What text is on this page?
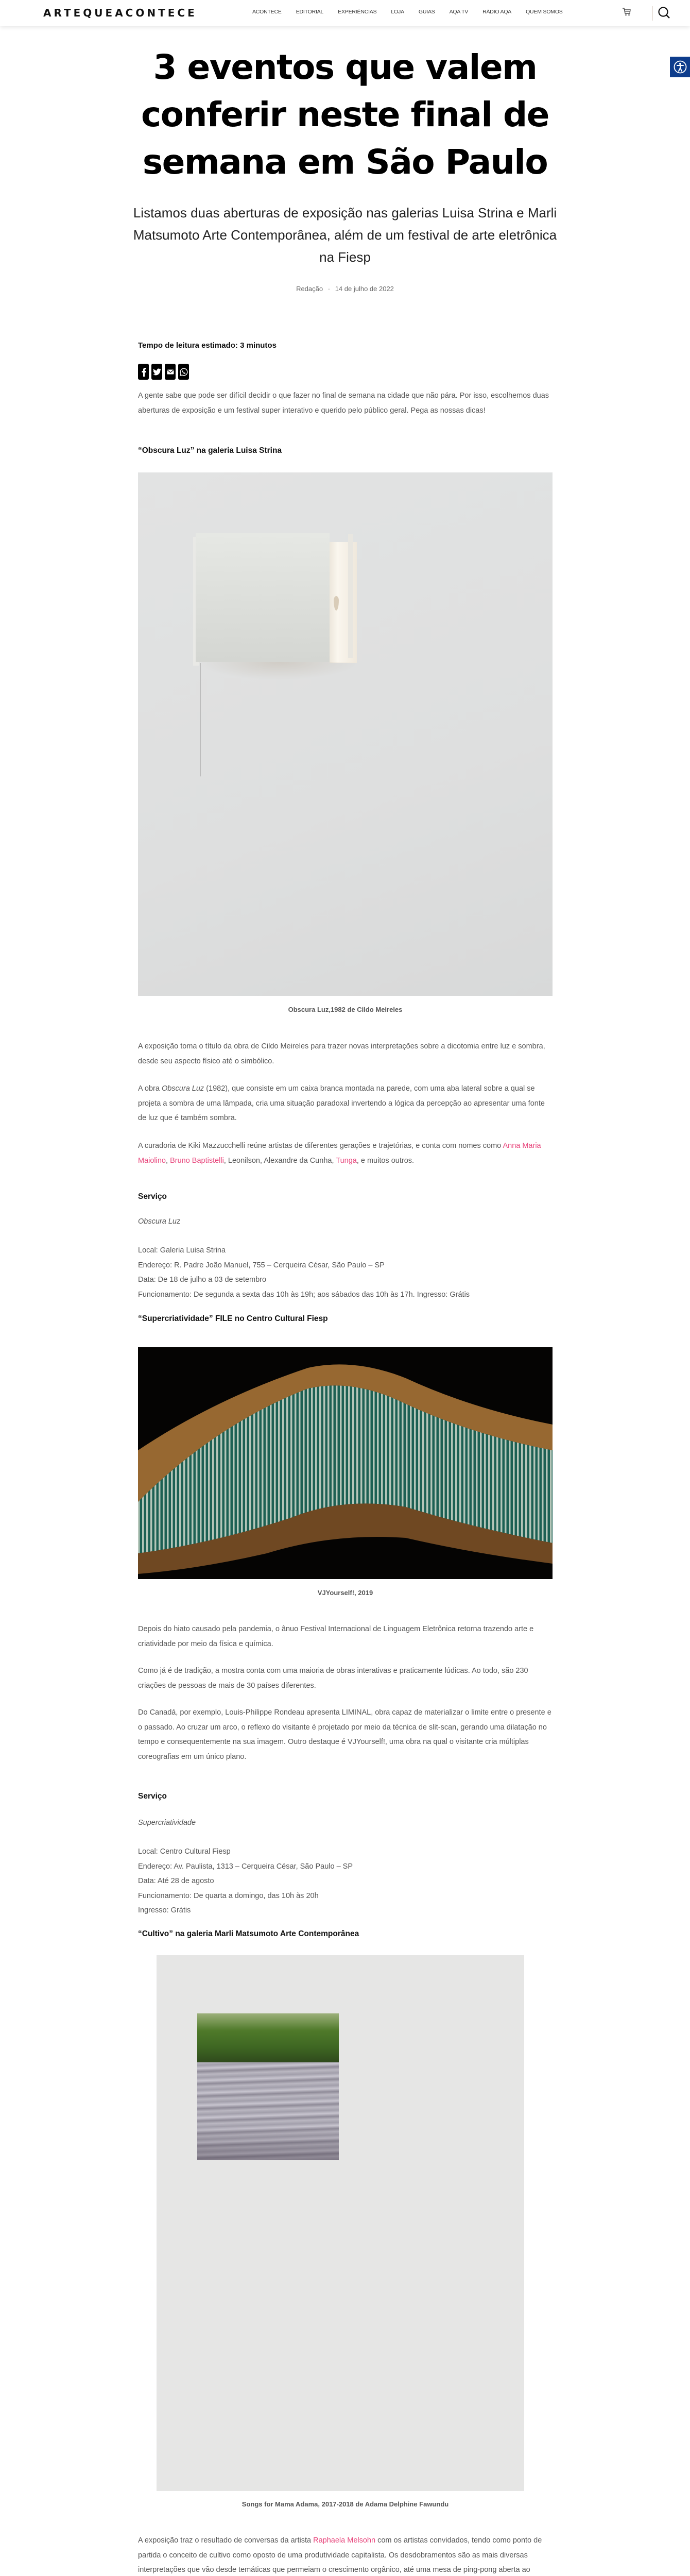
ARTEQUEACONTECE	ACONTECE	EDITORIAL	EXPERIÊNCIAS	LOJA	GUIAS	AQA TV	RÁDIO AQA	QUEM SOMOS
3 eventos que valem conferir neste final de semana em São Paulo

Listamos duas aberturas de exposição nas galerias Luisa Strina e Marli Matsumoto Arte Contemporânea, além de um festival de arte eletrônica na Fiesp

Redação · 14 de julho de 2022
Tempo de leitura estimado: 3 minutos

A gente sabe que pode ser difícil decidir o que fazer no final de semana na cidade que não pára. Por isso, escolhemos duas aberturas de exposição e um festival super interativo e querido pelo público geral. Pega as nossas dicas!

“Obscura Luz” na galeria Luisa Strina
Obscura Luz,1982 de Cildo Meireles

A exposição toma o título da obra de Cildo Meireles para trazer novas interpretações sobre a dicotomia entre luz e sombra, desde seu aspecto físico até o simbólico.

A obra Obscura Luz (1982), que consiste em um caixa branca montada na parede, com uma aba lateral sobre a qual se projeta a sombra de uma lâmpada, cria uma situação paradoxal invertendo a lógica da percepção ao apresentar uma fonte de luz que é também sombra.

A curadoria de Kiki Mazzucchelli reúne artistas de diferentes gerações e trajetórias, e conta com nomes como Anna Maria Maiolino, Bruno Baptistelli, Leonilson, Alexandre da Cunha, Tunga, e muitos outros.

Serviço
Obscura Luz
Local: Galeria Luisa Strina
Endereço: R. Padre João Manuel, 755 – Cerqueira César, São Paulo – SP
Data: De 18 de julho a 03 de setembro
Funcionamento: De segunda a sexta das 10h às 19h; aos sábados das 10h às 17h. Ingresso: Grátis
“Supercriatividade” FILE no Centro Cultural Fiesp
VJYourself!, 2019

Depois do hiato causado pela pandemia, o ânuo Festival Internacional de Linguagem Eletrônica retorna trazendo arte e criatividade por meio da física e química.

Como já é de tradição, a mostra conta com uma maioria de obras interativas e praticamente lúdicas. Ao todo, são 230 criações de pessoas de mais de 30 países diferentes.

Do Canadá, por exemplo, Louis-Philippe Rondeau apresenta LIMINAL, obra capaz de materializar o limite entre o presente e o passado. Ao cruzar um arco, o reflexo do visitante é projetado por meio da técnica de slit-scan, gerando uma dilatação no tempo e consequentemente na sua imagem. Outro destaque é VJYourself!, uma obra na qual o visitante cria múltiplas coreografias em um único plano.

Serviço
Supercriatividade
Local: Centro Cultural Fiesp
Endereço: Av. Paulista, 1313 – Cerqueira César, São Paulo – SP
Data: Até 28 de agosto
Funcionamento: De quarta a domingo, das 10h às 20h
Ingresso: Grátis
“Cultivo” na galeria Marli Matsumoto Arte Contemporânea
Songs for Mama Adama, 2017-2018 de Adama Delphine Fawundu

A exposição traz o resultado de conversas da artista Raphaela Melsohn com os artistas convidados, tendo como ponto de partida o conceito de cultivo como oposto de uma produtividade capitalista. Os desdobramentos são as mais diversas interpretações que vão desde temáticas que permeiam o crescimento orgânico, até uma mesa de ping-pong aberta ao
